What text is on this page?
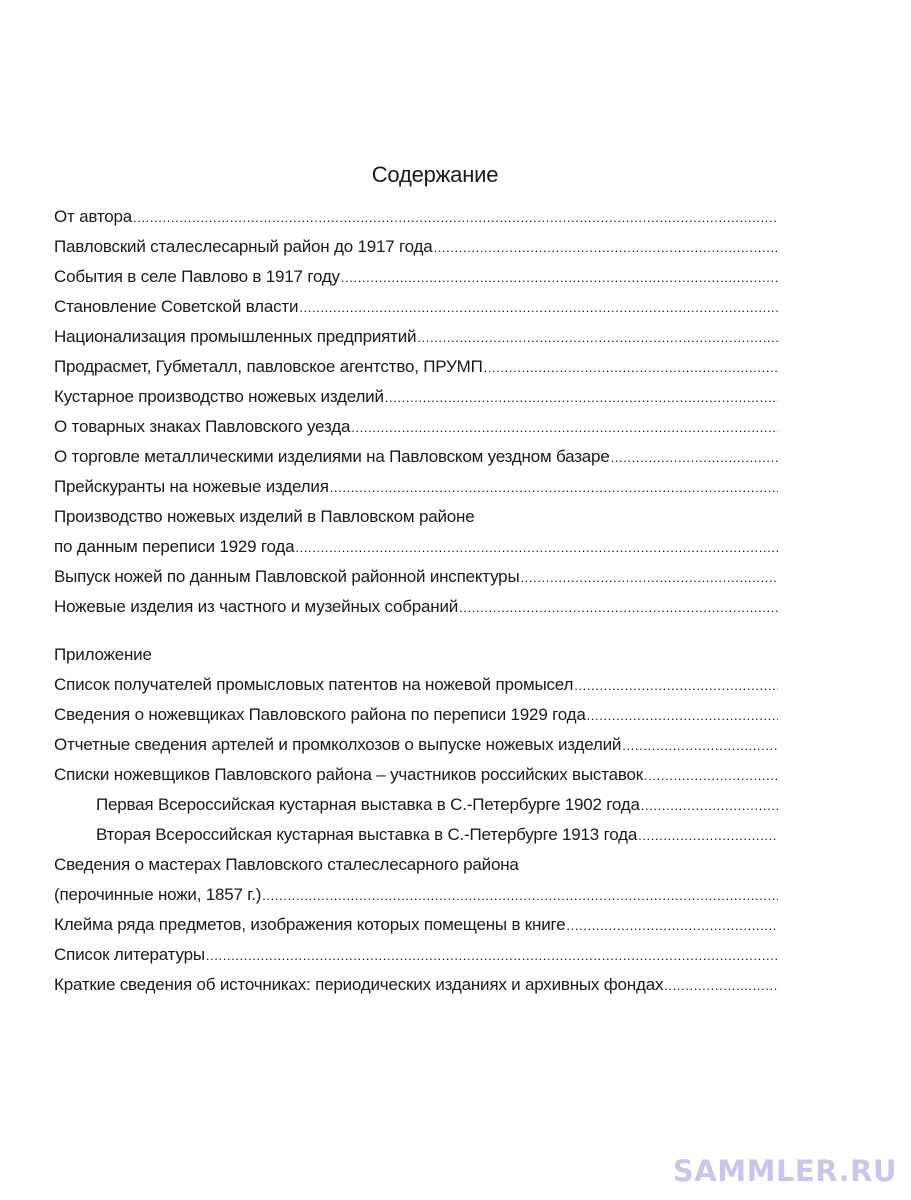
Содержание
От автора
.....
Павловский сталеслесарный район до 1917 года
.....
События в селе Павлово в 1917 году
.....
Становление Советской власти
.....
Национализация промышленных предприятий
.....
Продрасмет, Губметалл, павловское агентство, ПРУМП
.....
Кустарное производство ножевых изделий
.....
О товарных знаках Павловского уезда
.....
О торговле металлическими изделиями на Павловском уездном базаре
.....
Прейскуранты на ножевые изделия
.....
Производство ножевых изделий в Павловском районе
по данным переписи 1929 года
.....
Выпуск ножей по данным Павловской районной инспектуры
.....
Ножевые изделия из частного и музейных собраний
.....
Приложение
Список получателей промысловых патентов на ножевой промысел
.....
Сведения о ножевщиках Павловского района по переписи 1929 года
.....
Отчетные сведения артелей и промколхозов о выпуске ножевых изделий
.....
Списки ножевщиков Павловского района – участников российских выставок
.....
Первая Всероссийская кустарная выставка в С.-Петербурге 1902 года
.....
Вторая Всероссийская кустарная выставка в С.-Петербурге 1913 года
.....
Сведения о мастерах Павловского сталеслесарного района
(перочинные ножи, 1857 г.)
.....
Клейма ряда предметов, изображения которых помещены в книге
.....
Список литературы
.....
Краткие сведения об источниках: периодических изданиях и архивных фондах
.....
SAMMLER.RU
